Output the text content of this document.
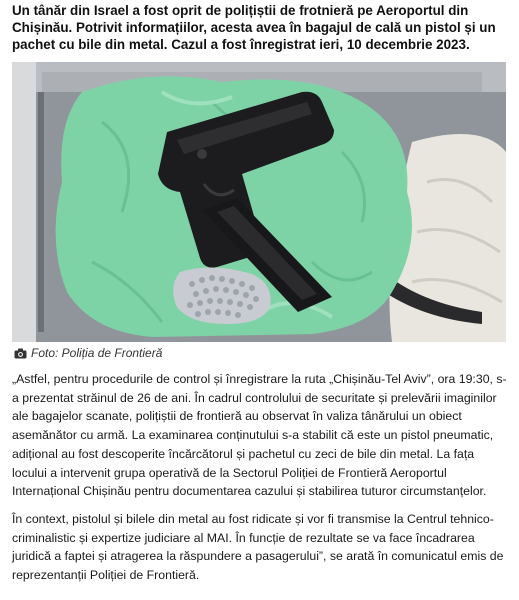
Un tânăr din Israel a fost oprit de polițiștii de frotnieră pe Aeroportul din Chișinău. Potrivit informațiilor, acesta avea în bagajul de cală un pistol și un pachet cu bile din metal. Cazul a fost înregistrat ieri, 10 decembrie 2023.
Foto: Poliția de Frontieră

„Astfel, pentru procedurile de control și înregistrare la ruta „Chișinău-Tel Aviv”, ora 19:30, s-a prezentat străinul de 26 de ani. În cadrul controlului de securitate și prelevării imaginilor ale bagajelor scanate, polițiștii de frontieră au observat în valiza tânărului un obiect asemănător cu armă. La examinarea conținutului s-a stabilit că este un pistol pneumatic, adițional au fost descoperite încărcătorul și pachetul cu zeci de bile din metal. La fața locului a intervenit grupa operativă de la Sectorul Poliției de Frontieră Aeroportul Internațional Chișinău pentru documentarea cazului și stabilirea tuturor circumstanțelor.

În context, pistolul și bilele din metal au fost ridicate și vor fi transmise la Centrul tehnico-criminalistic și expertize judiciare al MAI. În funcție de rezultate se va face încadrarea juridică a faptei și atragerea la răspundere a pasagerului”, se arată în comunicatul emis de reprezentanții Poliției de Frontieră.
